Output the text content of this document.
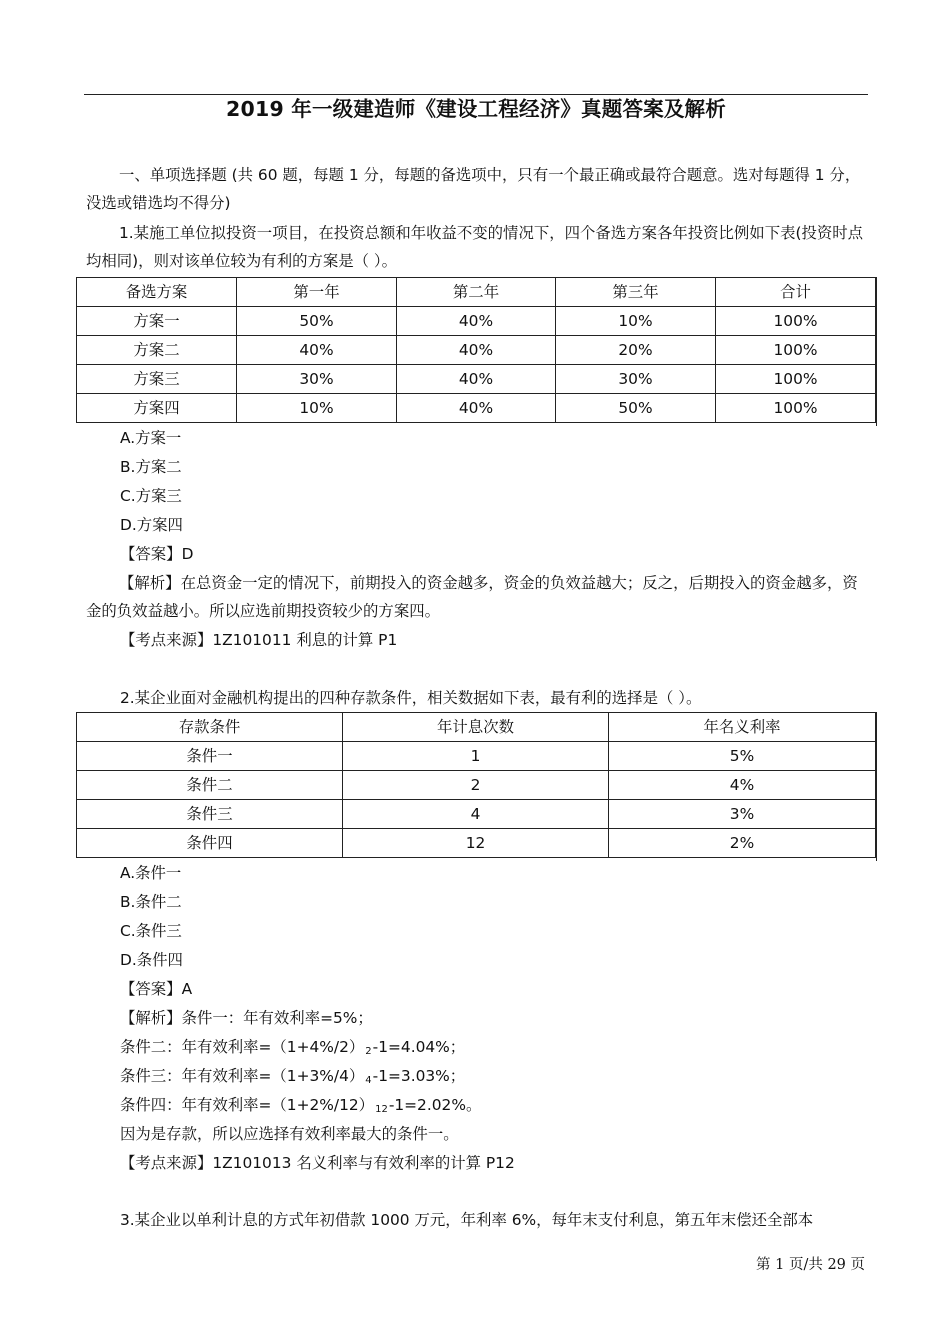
2019 年一级建造师《建设工程经济》真题答案及解析

一、单项选择题 (共 60 题，每题 1 分，每题的备选项中，只有一个最正确或最符合题意。选对每题得 1 分，没选或错选均不得分)

1.某施工单位拟投资一项目，在投资总额和年收益不变的情况下，四个备选方案各年投资比例如下表(投资时点均相同)，则对该单位较为有利的方案是（ ）。

备选方案	第一年	第二年	第三年	合计
方案一	50%	40%	10%	100%
方案二	40%	40%	20%	100%
方案三	30%	40%	30%	100%
方案四	10%	40%	50%	100%

A.方案一

B.方案二

C.方案三

D.方案四

【答案】D

【解析】在总资金一定的情况下，前期投入的资金越多，资金的负效益越大；反之，后期投入的资金越多，资金的负效益越小。所以应选前期投资较少的方案四。

【考点来源】1Z101011 利息的计算 P1

2.某企业面对金融机构提出的四种存款条件，相关数据如下表，最有利的选择是（ ）。

存款条件	年计息次数	年名义利率
条件一	1	5%
条件二	2	4%
条件三	4	3%
条件四	12	2%

A.条件一

B.条件二

C.条件三

D.条件四

【答案】A

【解析】条件一：年有效利率=5%；

条件二：年有效利率$=(1+4\%/2)_2-1=4.04\%$；

条件三：年有效利率$=(1+3\%/4)_4-1=3.03\%$；

条件四：年有效利率$=(1+2\%/12)_{12}-1=2.02\%$。

因为是存款，所以应选择有效利率最大的条件一。

【考点来源】1Z101013 名义利率与有效利率的计算 P12

3.某企业以单利计息的方式年初借款 1000 万元，年利率 6%，每年末支付利息，第五年末偿还全部本

第 1 页/共 29 页
